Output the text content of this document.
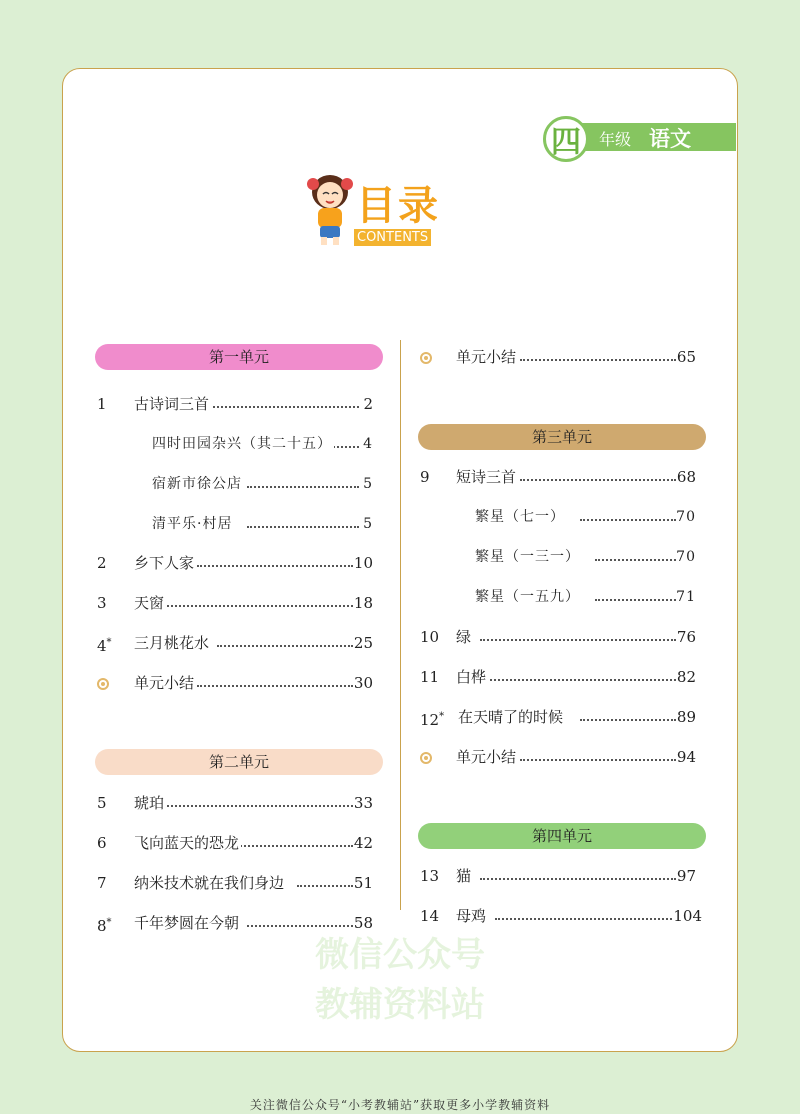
微信公众号
教辅资料站
四	年级 语文
目录
CONTENTS
第一单元
1 古诗词三首	2
四时田园杂兴（其二十五） 4
宿新市徐公店	5
清平乐·村居	5
2 乡下人家	10
3 天窗	18
4* 三月桃花水	25
单元小结	30
第二单元
5 琥珀	33
6 飞向蓝天的恐龙	42
7 纳米技术就在我们身边	51
8* 千年梦圆在今朝	58
单元小结	65
第三单元
9 短诗三首	68
繁星（七一）	70
繁星（一三一）	70
繁星（一五九）	71
10 绿	76
11 白桦	82
12* 在天晴了的时候	89
单元小结	94
第四单元
13 猫	97
14 母鸡	104
关注微信公众号“小考教辅站”获取更多小学教辅资料
